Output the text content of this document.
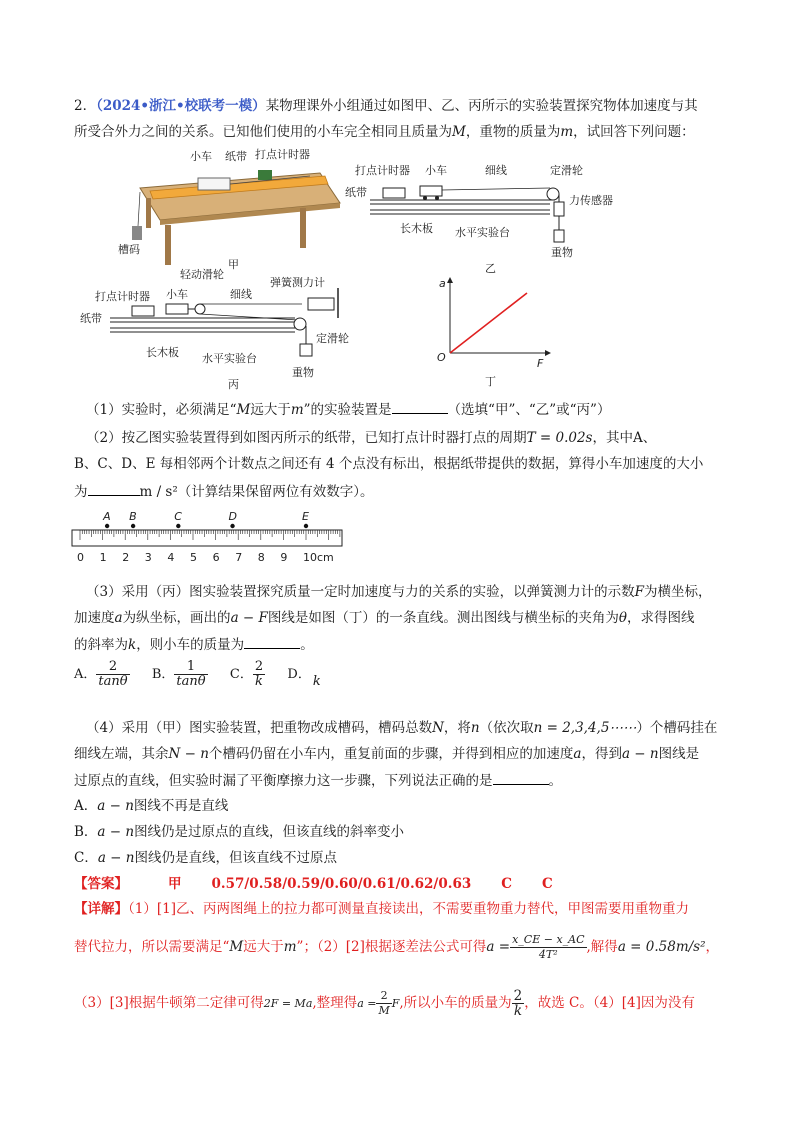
2．（2024•浙江•校联考一模）某物理课外小组通过如图甲、乙、丙所示的实验装置探究物体加速度与其
所受合外力之间的关系。已知他们使用的小车完全相同且质量为M，重物的质量为m，试回答下列问题：
小车 纸带 打点计时器
槽码
甲
打点计时器 小车	细线	定滑轮
纸带
力传感器
长木板 水平实验台
重物
乙
轻动滑轮
弹簧测力计
打点计时器 小车	细线
纸带
长木板 水平实验台
定滑轮
重物
丙
a
F
O
丁
（1）实验时，必须满足“M远大于m”的实验装置是	（选填“甲”、“乙”或“丙”）
（2）按乙图实验装置得到如图丙所示的纸带，已知打点计时器打点的周期T = 0.02s，其中A、
B、C、D、E 每相邻两个计数点之间还有 4 个点没有标出，根据纸带提供的数据，算得小车加速度的大小
为	m / s²（计算结果保留两位有效数字）。
0 1 2 3 4 5 6 7 8 9 10cm
A B	C	D	E
（3）采用（丙）图实验装置探究质量一定时加速度与力的关系的实验，以弹簧测力计的示数F为横坐标，
加速度a为纵坐标，画出的a − F图线是如图（丁）的一条直线。测出图线与横坐标的夹角为θ，求得图线
的斜率为k，则小车的质量为	。
A． $\frac{2}{\tan\theta}$ B． $\frac{1}{\tan\theta}$ C． $\frac{2}{k}$ D． k
（4）采用（甲）图实验装置，把重物改成槽码，槽码总数N，将n（依次取n = 2,3,4,5⋯⋯）个槽码挂在
细线左端，其余N − n个槽码仍留在小车内，重复前面的步骤，并得到相应的加速度a，得到a − n图线是
过原点的直线，但实验时漏了平衡摩擦力这一步骤，下列说法正确的是	。
A．a − n图线不再是直线
B．a − n图线仍是过原点的直线，但该直线的斜率变小
C．a − n图线仍是直线，但该直线不过原点
【答案】	甲 0.57/0.58/0.59/0.60/0.61/0.62/0.63 C C
【详解】（1）[1]乙、丙两图绳上的拉力都可测量直接读出，不需要重物重力替代，甲图需要用重物重力
替代拉力，所以需要满足“M远大于m”；（2）[2]根据逐差法公式可得$a = \frac{x\_CE - x\_AC}{\text{4T²}}$ ,解得a = 0.58m/s²，
（3）[3]根据牛顿第二定律可得2F = Ma,整理得$a = \frac{2}{M} F$,所以小车的质量为 $\frac{2}{k}$ ，故选 C。（4）[4]因为没有
